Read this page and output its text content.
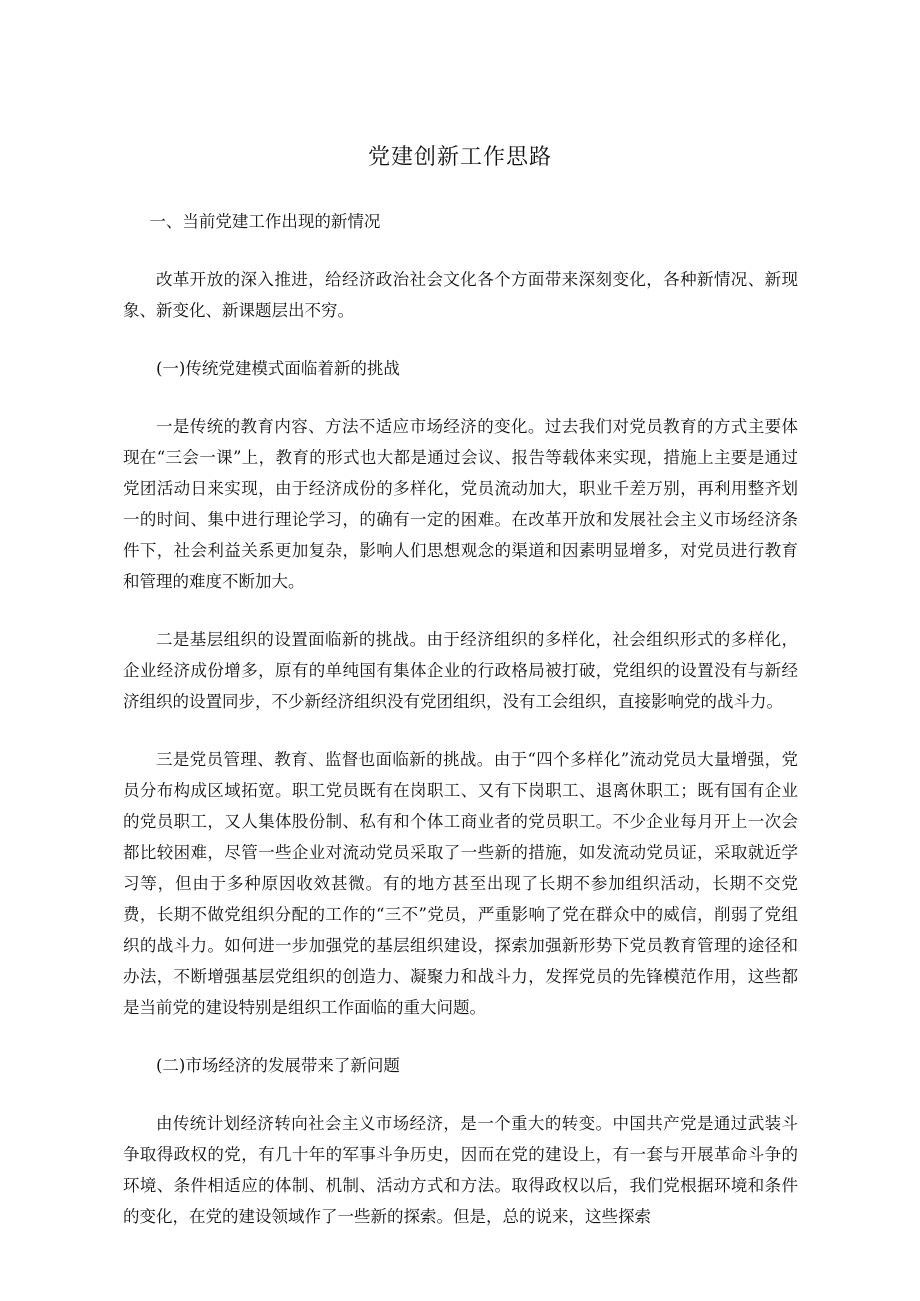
党建创新工作思路

一、当前党建工作出现的新情况

改革开放的深入推进，给经济政治社会文化各个方面带来深刻变化，各种新情况、新现象、新变化、新课题层出不穷。

(一)传统党建模式面临着新的挑战

一是传统的教育内容、方法不适应市场经济的变化。过去我们对党员教育的方式主要体现在“三会一课”上，教育的形式也大都是通过会议、报告等载体来实现，措施上主要是通过党团活动日来实现，由于经济成份的多样化，党员流动加大，职业千差万别，再利用整齐划一的时间、集中进行理论学习，的确有一定的困难。在改革开放和发展社会主义市场经济条件下，社会利益关系更加复杂，影响人们思想观念的渠道和因素明显增多，对党员进行教育和管理的难度不断加大。

二是基层组织的设置面临新的挑战。由于经济组织的多样化，社会组织形式的多样化，企业经济成份增多，原有的单纯国有集体企业的行政格局被打破，党组织的设置没有与新经济组织的设置同步，不少新经济组织没有党团组织，没有工会组织，直接影响党的战斗力。

三是党员管理、教育、监督也面临新的挑战。由于“四个多样化”流动党员大量增强，党员分布构成区域拓宽。职工党员既有在岗职工、又有下岗职工、退离休职工；既有国有企业的党员职工，又人集体股份制、私有和个体工商业者的党员职工。不少企业每月开上一次会都比较困难，尽管一些企业对流动党员采取了一些新的措施，如发流动党员证，采取就近学习等，但由于多种原因收效甚微。有的地方甚至出现了长期不参加组织活动，长期不交党费，长期不做党组织分配的工作的“三不”党员，严重影响了党在群众中的威信，削弱了党组织的战斗力。如何进一步加强党的基层组织建设，探索加强新形势下党员教育管理的途径和办法，不断增强基层党组织的创造力、凝聚力和战斗力，发挥党员的先锋模范作用，这些都是当前党的建设特别是组织工作面临的重大问题。

(二)市场经济的发展带来了新问题

由传统计划经济转向社会主义市场经济，是一个重大的转变。中国共产党是通过武装斗争取得政权的党，有几十年的军事斗争历史，因而在党的建设上，有一套与开展革命斗争的环境、条件相适应的体制、机制、活动方式和方法。取得政权以后，我们党根据环境和条件的变化，在党的建设领域作了一些新的探索。但是，总的说来，这些探索
